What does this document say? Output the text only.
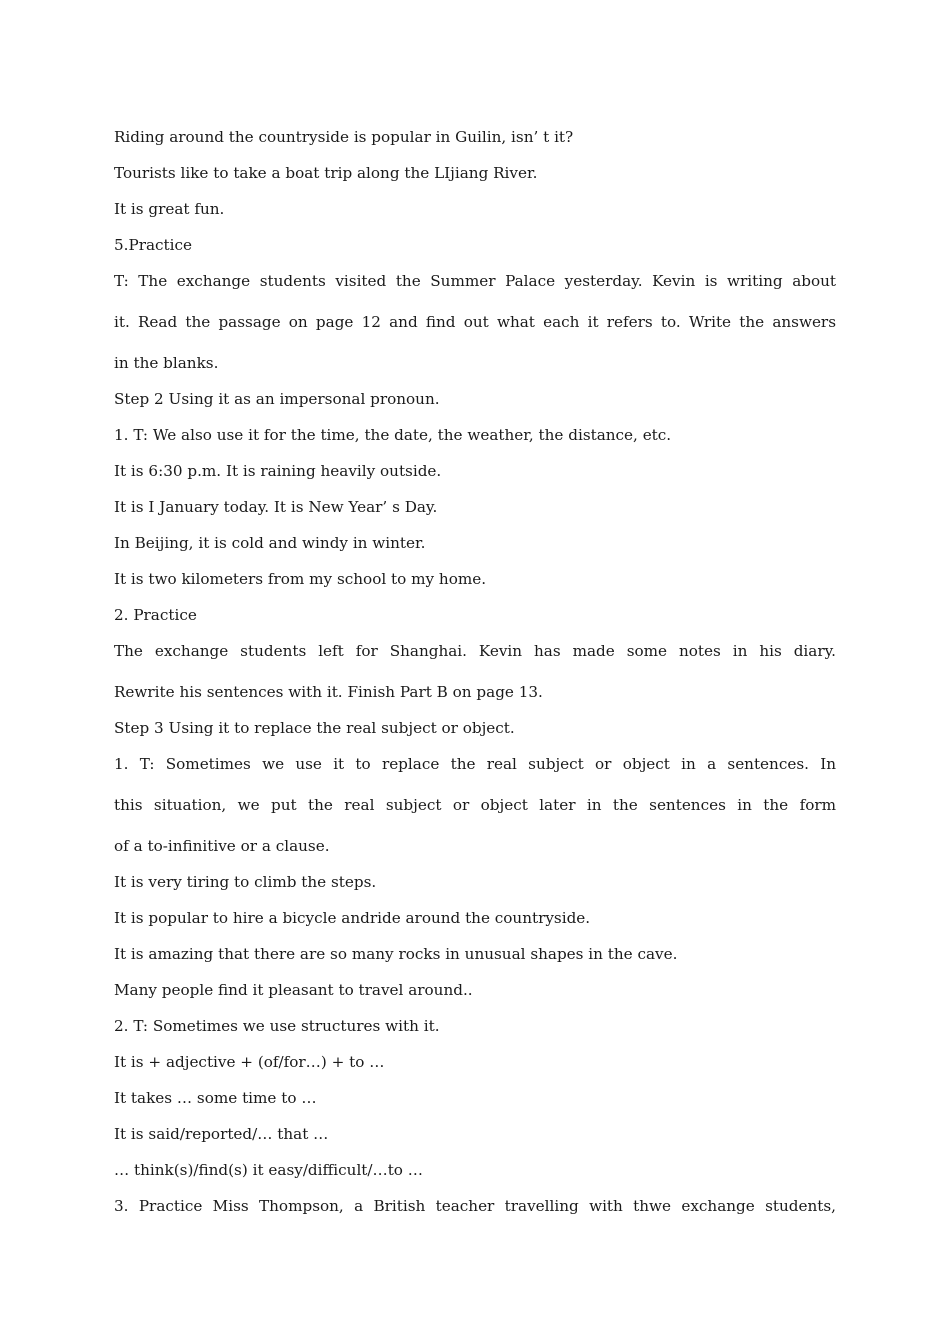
Riding around the countryside is popular in Guilin, isn’ t it?
Tourists like to take a boat trip along the LIjiang River.
It is great fun.
5.Practice
T: The exchange students visited the Summer Palace yesterday. Kevin is writing about
it. Read the passage on page 12 and find out what each it refers to. Write the answers
in the blanks.
Step 2 Using it as an impersonal pronoun.
1. T: We also use it for the time, the date, the weather, the distance, etc.
It is 6:30 p.m. It is raining heavily outside.
It is I January today. It is New Year’ s Day.
In Beijing, it is cold and windy in winter.
It is two kilometers from my school to my home.
2. Practice
The exchange students left for Shanghai. Kevin has made some notes in his diary.
Rewrite his sentences with it. Finish Part B on page 13.
Step 3 Using it to replace the real subject or object.
1. T: Sometimes we use it to replace the real subject or object in a sentences. In
this situation, we put the real subject or object later in the sentences in the form
of a to-infinitive or a clause.
It is very tiring to climb the steps.
It is popular to hire a bicycle andride around the countryside.
It is amazing that there are so many rocks in unusual shapes in the cave.
Many people find it pleasant to travel around..
2. T: Sometimes we use structures with it.
It is + adjective + (of/for…) + to …
It takes … some time to …
It is said/reported/… that …
… think(s)/find(s) it easy/difficult/…to …
3. Practice Miss Thompson, a British teacher travelling with thwe exchange students,
